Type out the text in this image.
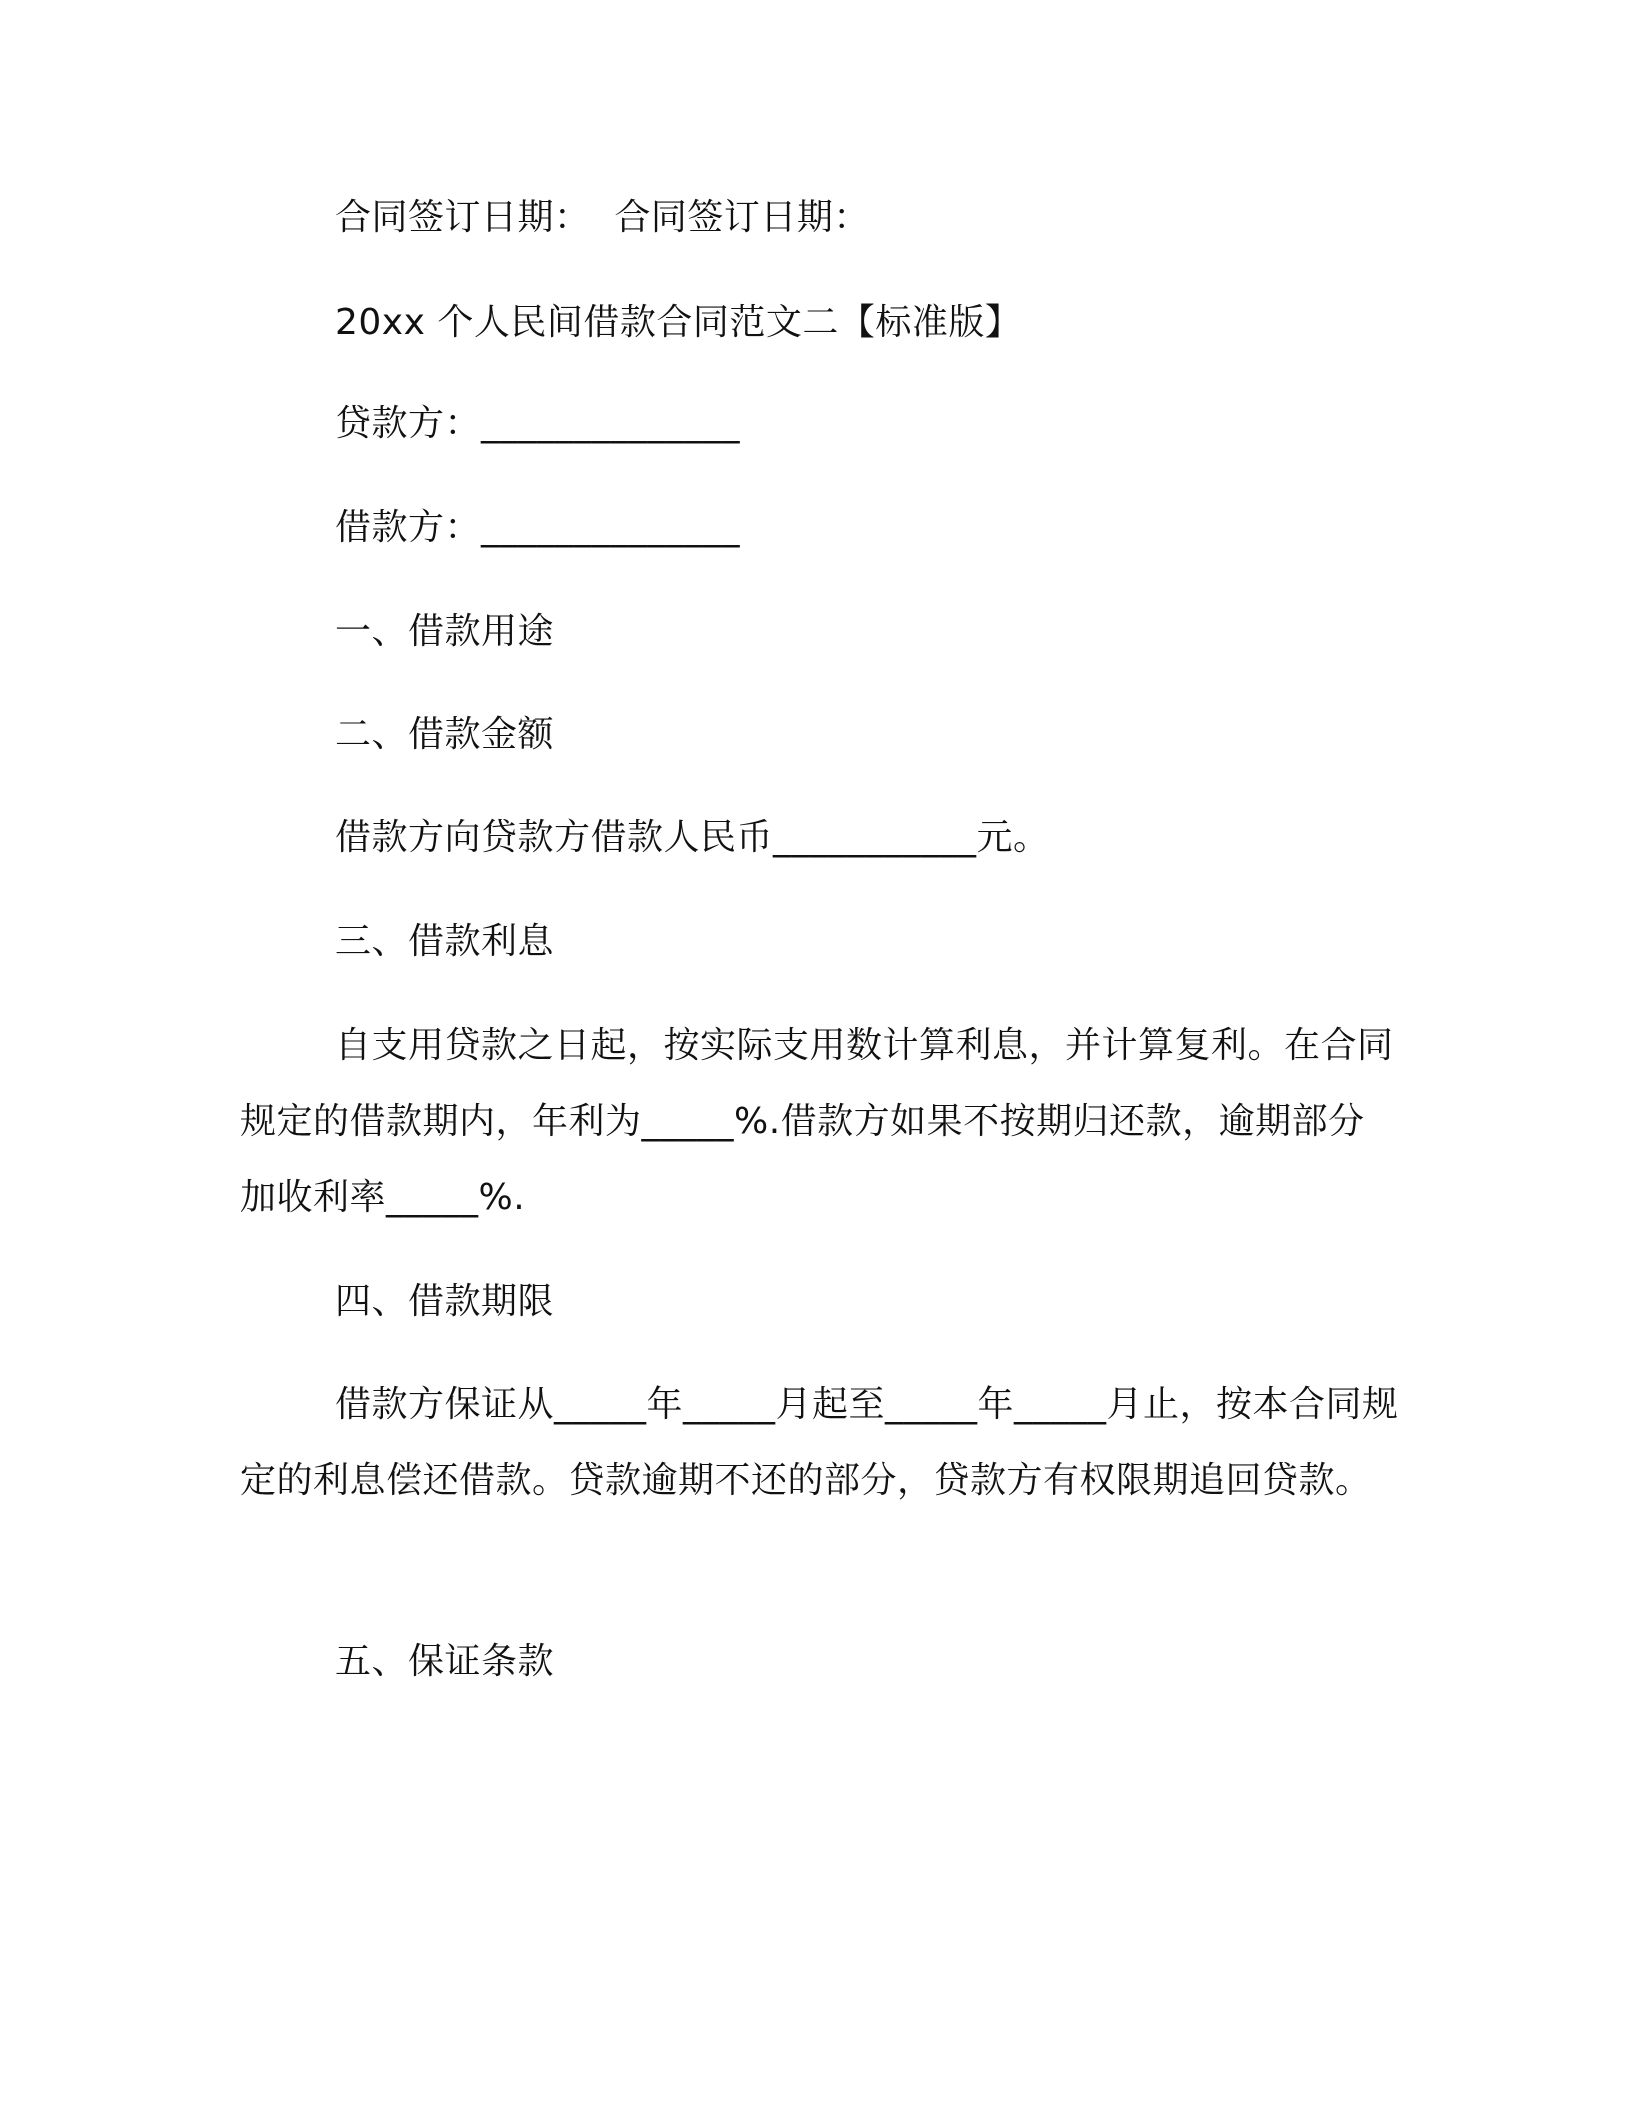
合同签订日期：  合同签订日期：
20xx 个人民间借款合同范文二【标准版】
贷款方：______________
借款方：______________
一、借款用途
二、借款金额
借款方向贷款方借款人民币___________元。
三、借款利息

自支用贷款之日起，按实际支用数计算利息，并计算复利。在合同规定的借款期内，年利为_____%.借款方如果不按期归还款，逾期部分加收利率_____%.

四、借款期限

借款方保证从_____年_____月起至_____年_____月止，按本合同规定的利息偿还借款。贷款逾期不还的部分，贷款方有权限期追回贷款。

五、保证条款
